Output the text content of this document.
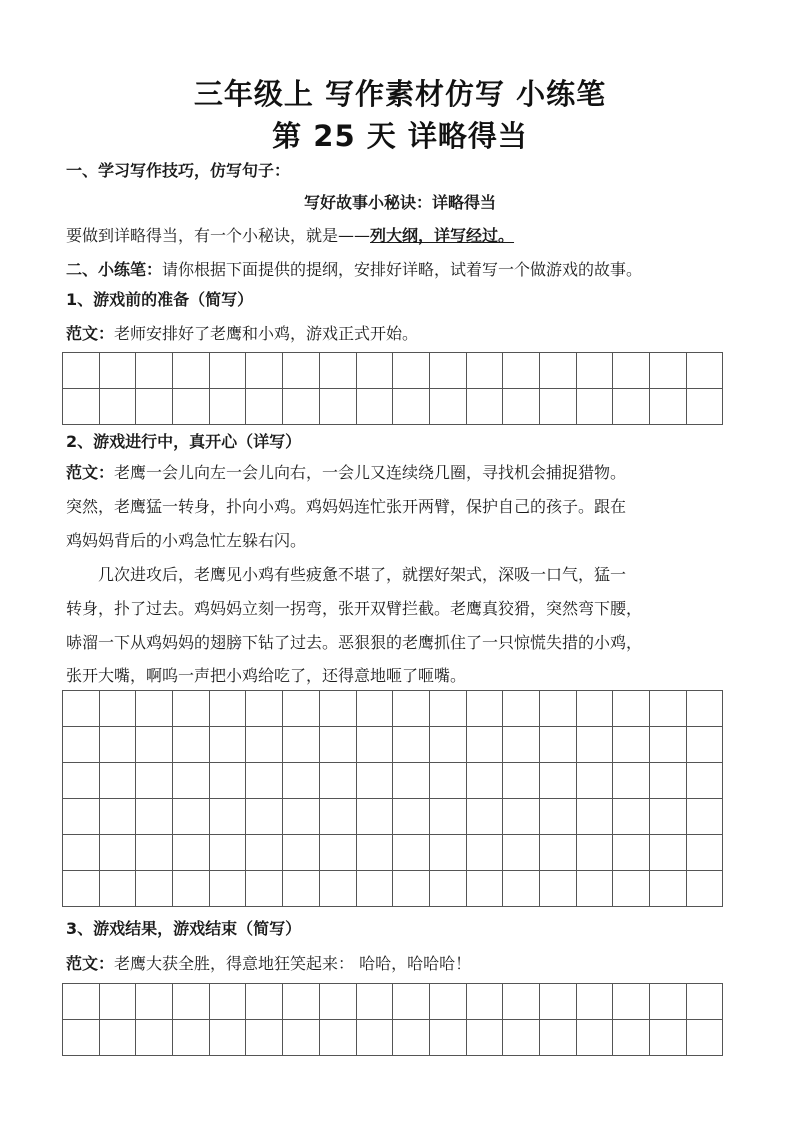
三年级上 写作素材仿写 小练笔
第 25 天 详略得当
一、学习写作技巧，仿写句子：
写好故事小秘诀：详略得当
要做到详略得当，有一个小秘诀，就是——列大纲，详写经过。
二、小练笔：请你根据下面提供的提纲，安排好详略，试着写一个做游戏的故事。
1、游戏前的准备（简写）
范文：老师安排好了老鹰和小鸡，游戏正式开始。
2、游戏进行中，真开心（详写）
范文：老鹰一会儿向左一会儿向右，一会儿又连续绕几圈，寻找机会捕捉猎物。
突然，老鹰猛一转身，扑向小鸡。鸡妈妈连忙张开两臂，保护自己的孩子。跟在
鸡妈妈背后的小鸡急忙左躲右闪。
　　几次进攻后，老鹰见小鸡有些疲惫不堪了，就摆好架式，深吸一口气，猛一
转身，扑了过去。鸡妈妈立刻一拐弯，张开双臂拦截。老鹰真狡猾，突然弯下腰，
哧溜一下从鸡妈妈的翅膀下钻了过去。恶狠狠的老鹰抓住了一只惊慌失措的小鸡，
张开大嘴，啊呜一声把小鸡给吃了，还得意地咂了咂嘴。
3、游戏结果，游戏结束（简写）
范文：老鹰大获全胜，得意地狂笑起来： 哈哈，哈哈哈！
